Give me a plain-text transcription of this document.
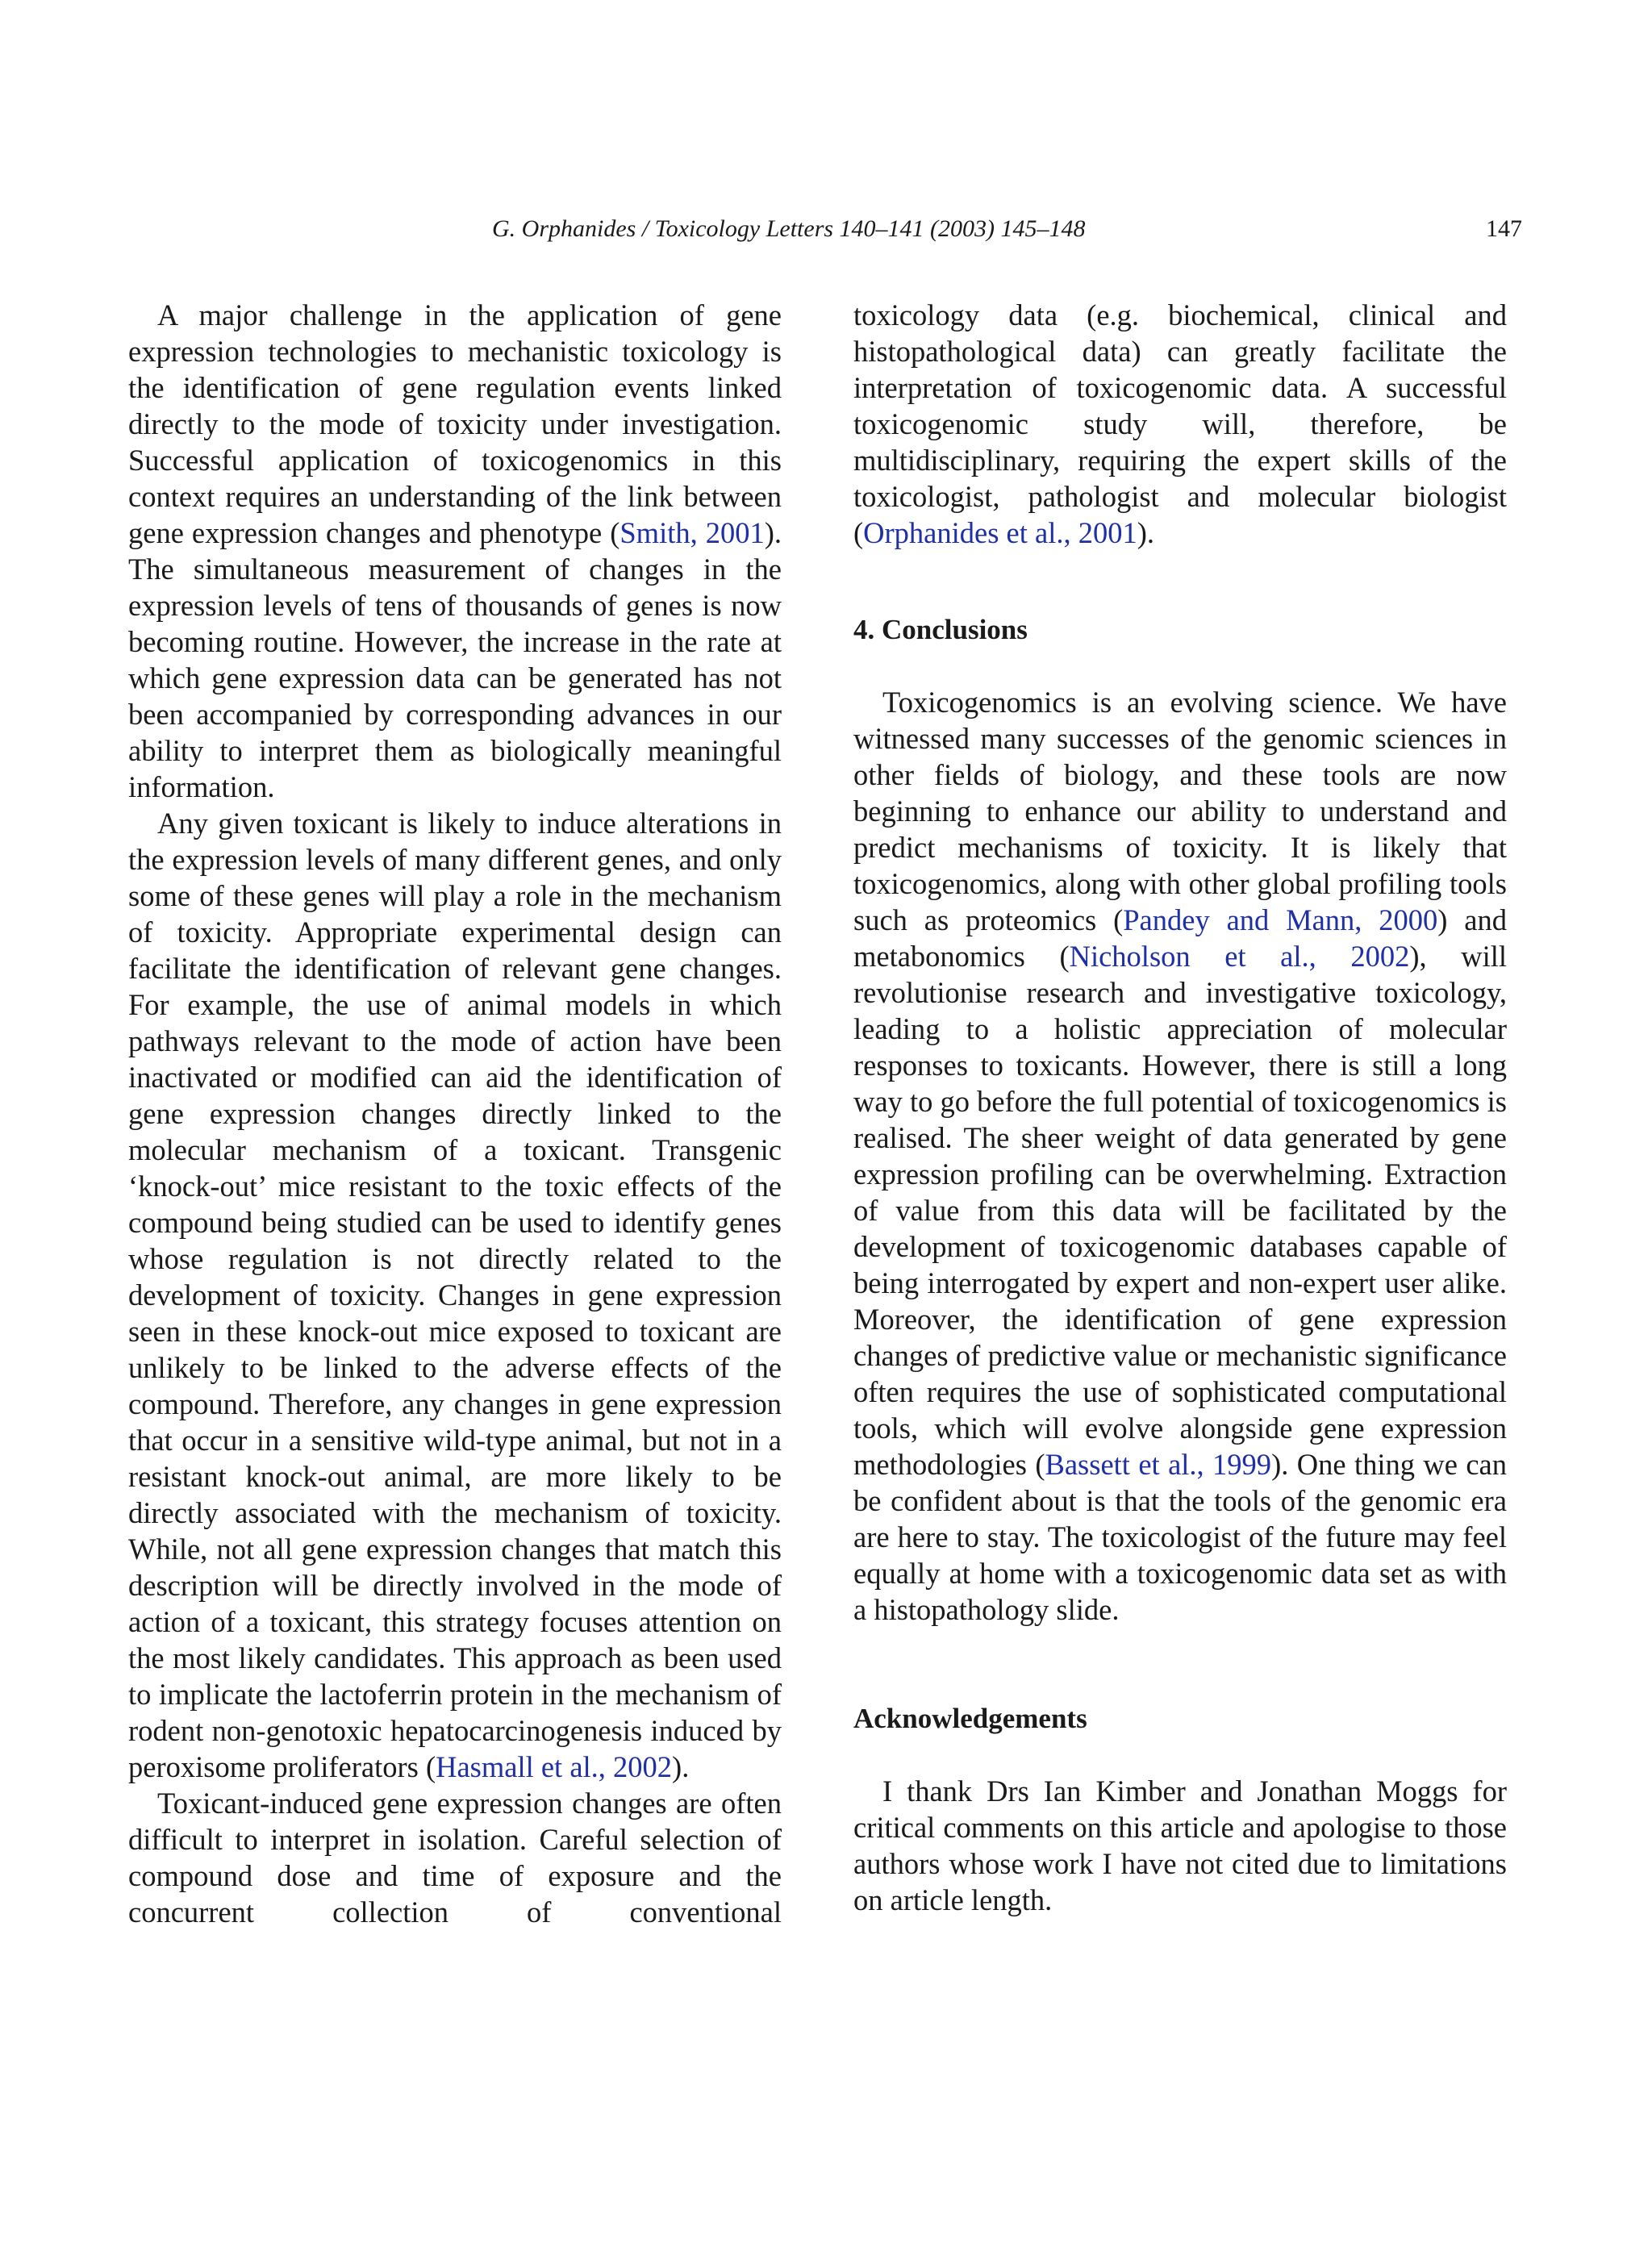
G. Orphanides / Toxicology Letters 140–141 (2003) 145–148	147

A major challenge in the application of gene expression technologies to mechanistic toxicology is the identification of gene regulation events linked directly to the mode of toxicity under investigation. Successful application of toxicogenomics in this context requires an understanding of the link between gene expression changes and phenotype (Smith, 2001). The simultaneous measurement of changes in the expression levels of tens of thousands of genes is now becoming routine. However, the increase in the rate at which gene expression data can be generated has not been accompanied by corresponding advances in our ability to interpret them as biologically meaningful information.

Any given toxicant is likely to induce alterations in the expression levels of many different genes, and only some of these genes will play a role in the mechanism of toxicity. Appropriate experimental design can facilitate the identification of relevant gene changes. For example, the use of animal models in which pathways relevant to the mode of action have been inactivated or modified can aid the identification of gene expression changes directly linked to the molecular mechanism of a toxicant. Transgenic ‘knock-out’ mice resistant to the toxic effects of the compound being studied can be used to identify genes whose regulation is not directly related to the development of toxicity. Changes in gene expression seen in these knock-out mice exposed to toxicant are unlikely to be linked to the adverse effects of the compound. Therefore, any changes in gene expression that occur in a sensitive wild-type animal, but not in a resistant knock-out animal, are more likely to be directly associated with the mechanism of toxicity. While, not all gene expression changes that match this description will be directly involved in the mode of action of a toxicant, this strategy focuses attention on the most likely candidates. This approach as been used to implicate the lactoferrin protein in the mechanism of rodent non-genotoxic hepatocarcinogenesis induced by peroxisome proliferators (Hasmall et al., 2002).

Toxicant-induced gene expression changes are often difficult to interpret in isolation. Careful selection of compound dose and time of exposure and the concurrent collection of conventional

toxicology data (e.g. biochemical, clinical and histopathological data) can greatly facilitate the interpretation of toxicogenomic data. A successful toxicogenomic study will, therefore, be multidisciplinary, requiring the expert skills of the toxicologist, pathologist and molecular biologist (Orphanides et al., 2001).

4. Conclusions

Toxicogenomics is an evolving science. We have witnessed many successes of the genomic sciences in other fields of biology, and these tools are now beginning to enhance our ability to understand and predict mechanisms of toxicity. It is likely that toxicogenomics, along with other global profiling tools such as proteomics (Pandey and Mann, 2000) and metabonomics (Nicholson et al., 2002), will revolutionise research and investigative toxicology, leading to a holistic appreciation of molecular responses to toxicants. However, there is still a long way to go before the full potential of toxicogenomics is realised. The sheer weight of data generated by gene expression profiling can be overwhelming. Extraction of value from this data will be facilitated by the development of toxicogenomic databases capable of being interrogated by expert and non-expert user alike. Moreover, the identification of gene expression changes of predictive value or mechanistic significance often requires the use of sophisticated computational tools, which will evolve alongside gene expression methodologies (Bassett et al., 1999). One thing we can be confident about is that the tools of the genomic era are here to stay. The toxicologist of the future may feel equally at home with a toxicogenomic data set as with a histopathology slide.

Acknowledgements

I thank Drs Ian Kimber and Jonathan Moggs for critical comments on this article and apologise to those authors whose work I have not cited due to limitations on article length.
